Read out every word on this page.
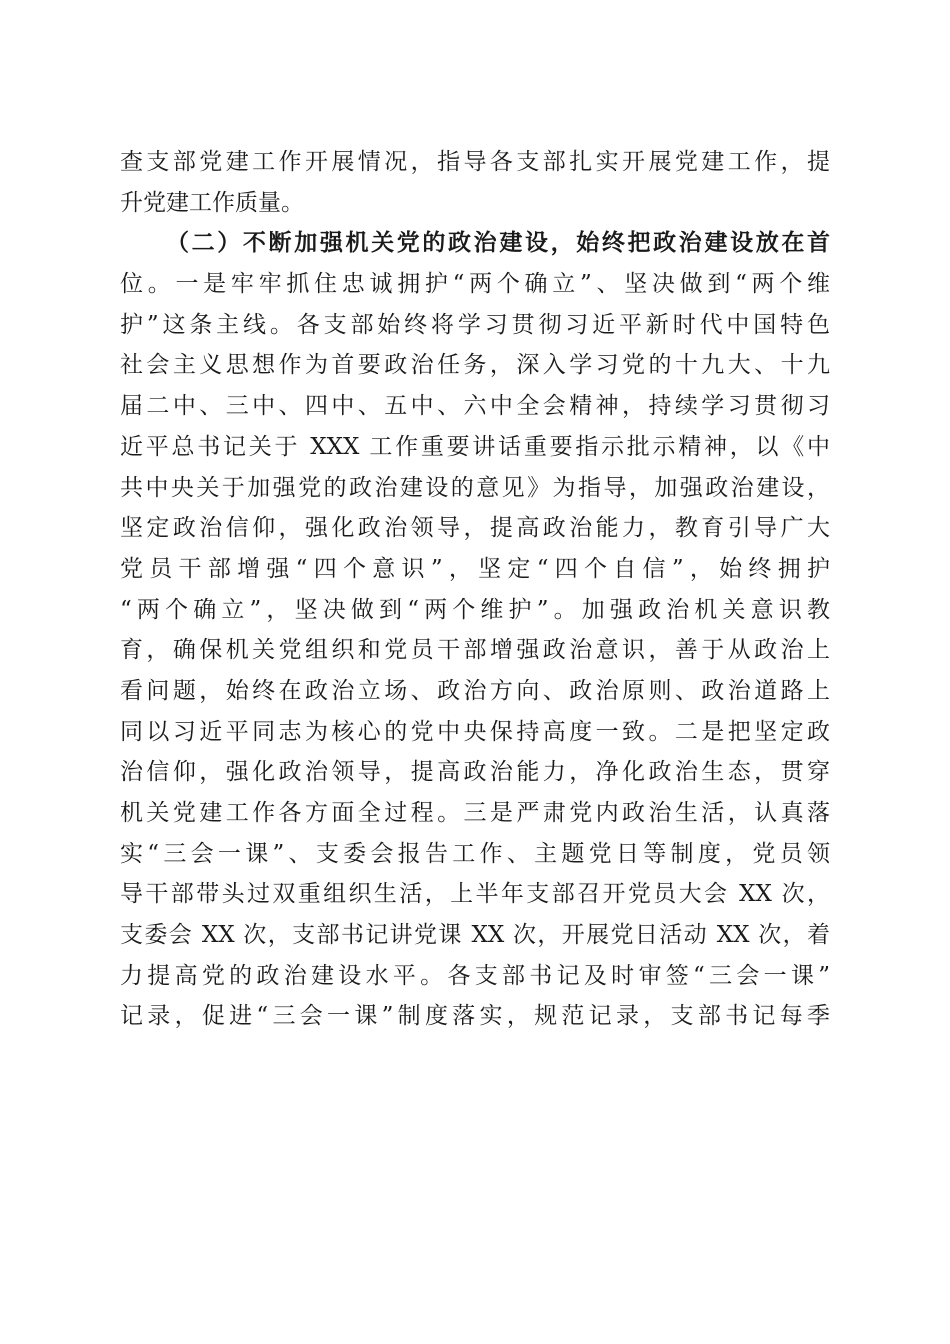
查支部党建工作开展情况，指导各支部扎实开展党建工作，提
升党建工作质量。
（二）不断加强机关党的政治建设，始终把政治建设放在首
位。一是牢牢抓住忠诚拥护“两个确立”、坚决做到“两个维
护”这条主线。各支部始终将学习贯彻习近平新时代中国特色
社会主义思想作为首要政治任务，深入学习党的十九大、十九
届二中、三中、四中、五中、六中全会精神，持续学习贯彻习
近平总书记关于 XXX 工作重要讲话重要指示批示精神，以《中
共中央关于加强党的政治建设的意见》为指导，加强政治建设，
坚定政治信仰，强化政治领导，提高政治能力，教育引导广大
党员干部增强“四个意识”，坚定“四个自信”，始终拥护
“两个确立”，坚决做到“两个维护”。加强政治机关意识教
育，确保机关党组织和党员干部增强政治意识，善于从政治上
看问题，始终在政治立场、政治方向、政治原则、政治道路上
同以习近平同志为核心的党中央保持高度一致。二是把坚定政
治信仰，强化政治领导，提高政治能力，净化政治生态，贯穿
机关党建工作各方面全过程。三是严肃党内政治生活，认真落
实“三会一课”、支委会报告工作、主题党日等制度，党员领
导干部带头过双重组织生活，上半年支部召开党员大会 XX 次，
支委会 XX 次，支部书记讲党课 XX 次，开展党日活动 XX 次，着
力提高党的政治建设水平。各支部书记及时审签“三会一课”
记录，促进“三会一课”制度落实，规范记录，支部书记每季
